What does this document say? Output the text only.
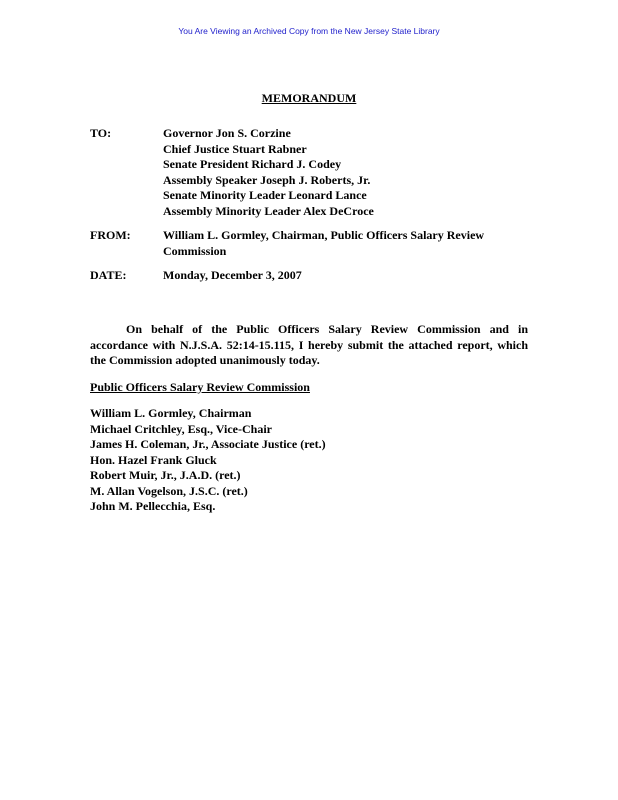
You Are Viewing an Archived Copy from the New Jersey State Library
MEMORANDUM
TO:	Governor Jon S. Corzine
Chief Justice Stuart Rabner
Senate President Richard J. Codey
Assembly Speaker Joseph J. Roberts, Jr.
Senate Minority Leader Leonard Lance
Assembly Minority Leader Alex DeCroce
FROM:	William L. Gormley, Chairman, Public Officers Salary Review
Commission
DATE:	Monday, December 3, 2007
On behalf of the Public Officers Salary Review Commission and in accordance with N.J.S.A. 52:14-15.115, I hereby submit the attached report, which the Commission adopted unanimously today.
Public Officers Salary Review Commission
William L. Gormley, Chairman
Michael Critchley, Esq., Vice-Chair
James H. Coleman, Jr., Associate Justice (ret.)
Hon. Hazel Frank Gluck
Robert Muir, Jr., J.A.D. (ret.)
M. Allan Vogelson, J.S.C. (ret.)
John M. Pellecchia, Esq.
